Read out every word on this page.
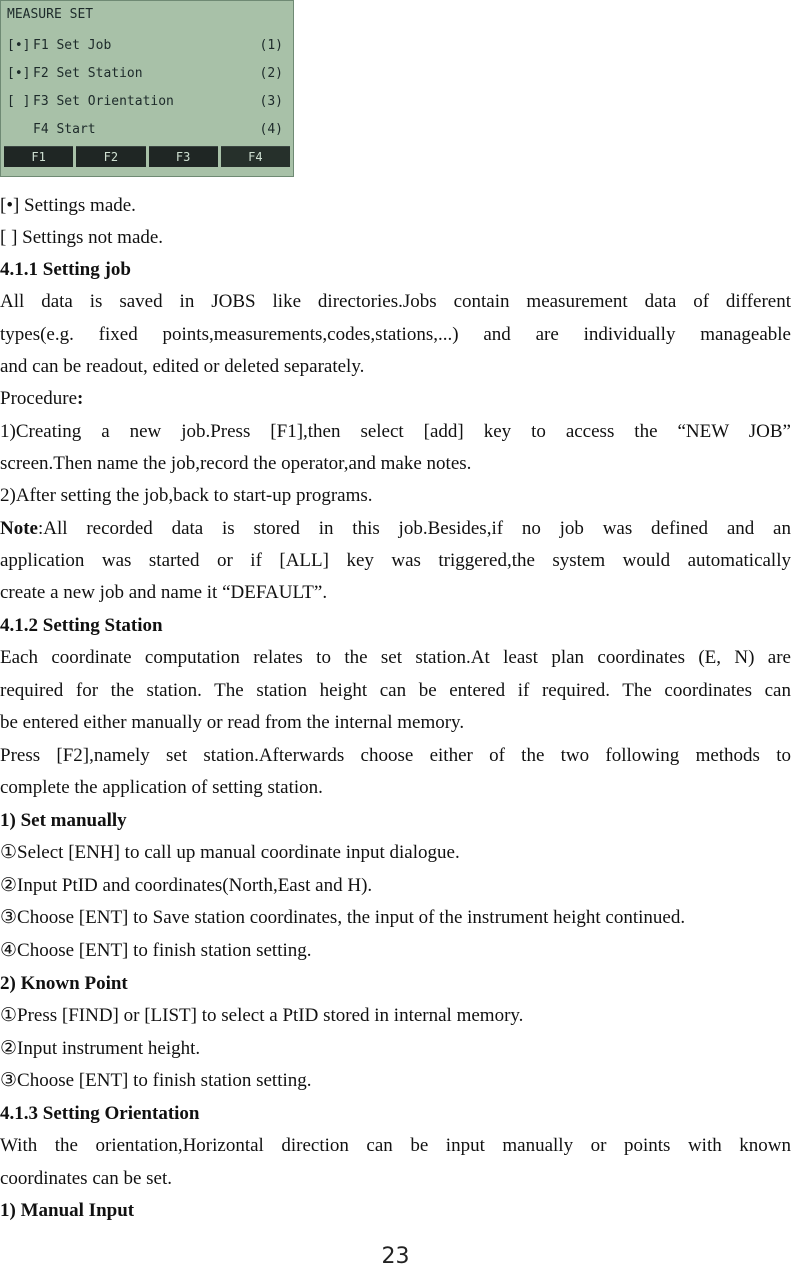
MEASURE SET
[•] F1 Set Job	(1)
[•] F2 Set Station	(2)
[ ] F3 Set Orientation	(3)
F4 Start	(4)
F1	F2	F3	F4
[•] Settings made.
[ ] Settings not made.
4.1.1 Setting job
All data is saved in JOBS like directories.Jobs contain measurement data of different
types(e.g. fixed points,measurements,codes,stations,...) and are individually manageable
and can be readout, edited or deleted separately.
Procedure:
1)Creating a new job.Press [F1],then select [add] key to access the “NEW JOB”
screen.Then name the job,record the operator,and make notes.
2)After setting the job,back to start-up programs.
Note:All recorded data is stored in this job.Besides,if no job was defined and an
application was started or if [ALL] key was triggered,the system would automatically
create a new job and name it “DEFAULT”.
4.1.2 Setting Station
Each coordinate computation relates to the set station.At least plan coordinates (E, N) are
required for the station. The station height can be entered if required. The coordinates can
be entered either manually or read from the internal memory.
Press [F2],namely set station.Afterwards choose either of the two following methods to
complete the application of setting station.
1) Set manually
①Select [ENH] to call up manual coordinate input dialogue.
②Input PtID and coordinates(North,East and H).
③Choose [ENT] to Save station coordinates, the input of the instrument height continued.
④Choose [ENT] to finish station setting.
2) Known Point
①Press [FIND] or [LIST] to select a PtID stored in internal memory.
②Input instrument height.
③Choose [ENT] to finish station setting.
4.1.3 Setting Orientation
With the orientation,Horizontal direction can be input manually or points with known
coordinates can be set.
1) Manual Input
23
